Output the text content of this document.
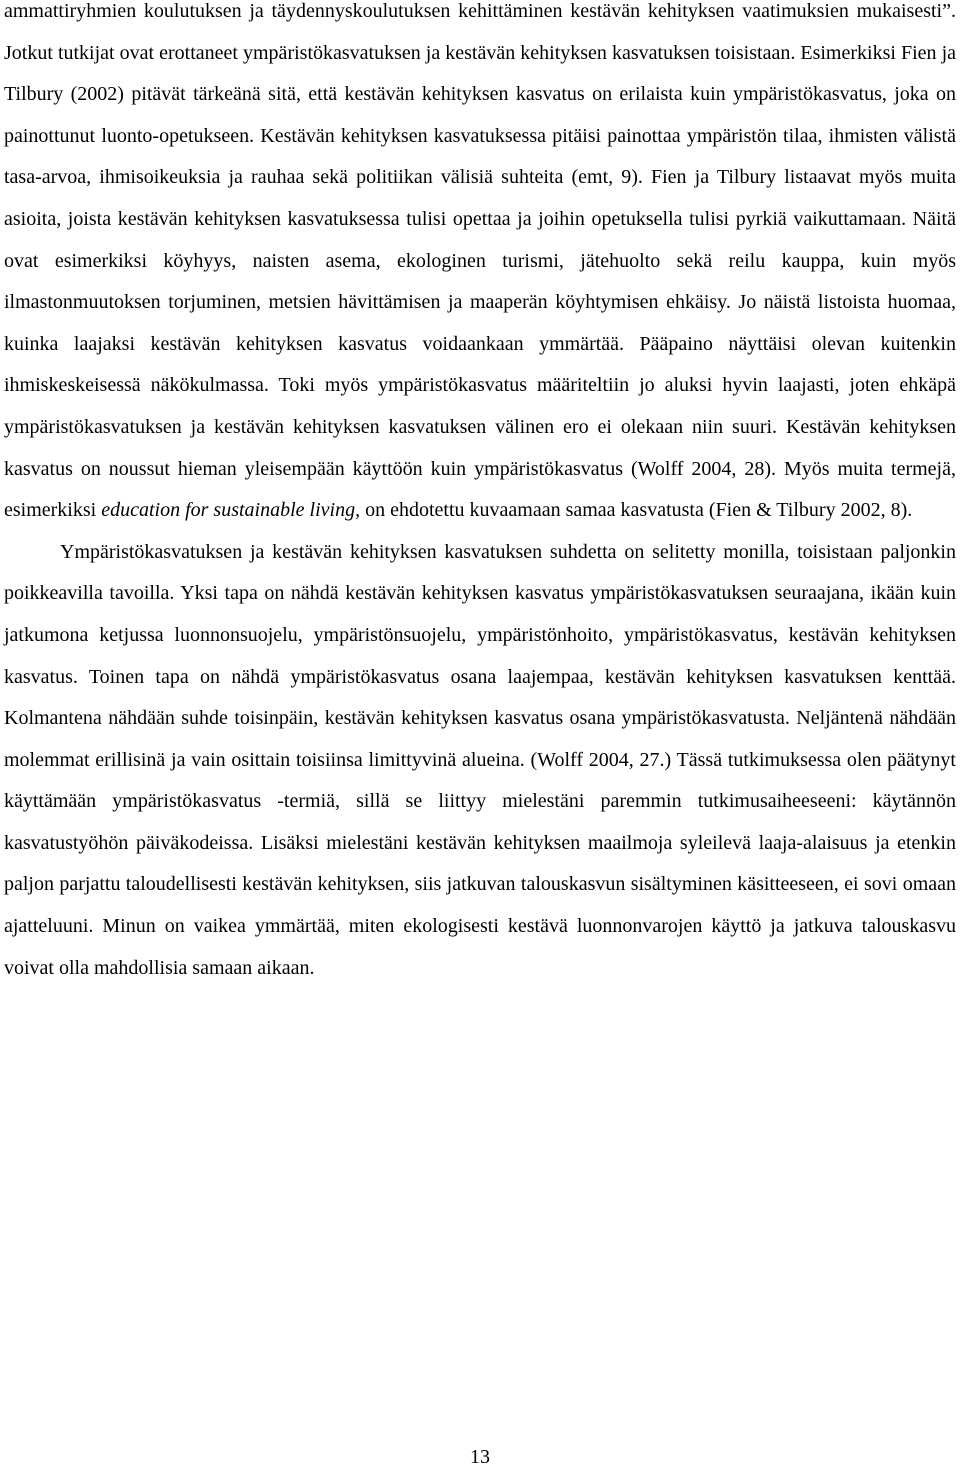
ammattiryhmien koulutuksen ja täydennyskoulutuksen kehittäminen kestävän kehityksen vaatimuksien mukaisesti”. Jotkut tutkijat ovat erottaneet ympäristökasvatuksen ja kestävän kehityksen kasvatuksen toisistaan. Esimerkiksi Fien ja Tilbury (2002) pitävät tärkeänä sitä, että kestävän kehityksen kasvatus on erilaista kuin ympäristökasvatus, joka on painottunut luonto-opetukseen. Kestävän kehityksen kasvatuksessa pitäisi painottaa ympäristön tilaa, ihmisten välistä tasa-arvoa, ihmisoikeuksia ja rauhaa sekä politiikan välisiä suhteita (emt, 9). Fien ja Tilbury listaavat myös muita asioita, joista kestävän kehityksen kasvatuksessa tulisi opettaa ja joihin opetuksella tulisi pyrkiä vaikuttamaan. Näitä ovat esimerkiksi köyhyys, naisten asema, ekologinen turismi, jätehuolto sekä reilu kauppa, kuin myös ilmastonmuutoksen torjuminen, metsien hävittämisen ja maaperän köyhtymisen ehkäisy. Jo näistä listoista huomaa, kuinka laajaksi kestävän kehityksen kasvatus voidaankaan ymmärtää. Pääpaino näyttäisi olevan kuitenkin ihmiskeskeisessä näkökulmassa. Toki myös ympäristökasvatus määriteltiin jo aluksi hyvin laajasti, joten ehkäpä ympäristökasvatuksen ja kestävän kehityksen kasvatuksen välinen ero ei olekaan niin suuri. Kestävän kehityksen kasvatus on noussut hieman yleisempään käyttöön kuin ympäristökasvatus (Wolff 2004, 28). Myös muita termejä, esimerkiksi education for sustainable living, on ehdotettu kuvaamaan samaa kasvatusta (Fien & Tilbury 2002, 8).

Ympäristökasvatuksen ja kestävän kehityksen kasvatuksen suhdetta on selitetty monilla, toisistaan paljonkin poikkeavilla tavoilla. Yksi tapa on nähdä kestävän kehityksen kasvatus ympäristökasvatuksen seuraajana, ikään kuin jatkumona ketjussa luonnonsuojelu, ympäristönsuojelu, ympäristönhoito, ympäristökasvatus, kestävän kehityksen kasvatus. Toinen tapa on nähdä ympäristökasvatus osana laajempaa, kestävän kehityksen kasvatuksen kenttää. Kolmantena nähdään suhde toisinpäin, kestävän kehityksen kasvatus osana ympäristökasvatusta. Neljäntenä nähdään molemmat erillisinä ja vain osittain toisiinsa limittyvinä alueina. (Wolff 2004, 27.) Tässä tutkimuksessa olen päätynyt käyttämään ympäristökasvatus -termiä, sillä se liittyy mielestäni paremmin tutkimusaiheeseeni: käytännön kasvatustyöhön päiväkodeissa. Lisäksi mielestäni kestävän kehityksen maailmoja syleilevä laaja-alaisuus ja etenkin paljon parjattu taloudellisesti kestävän kehityksen, siis jatkuvan talouskasvun sisältyminen käsitteeseen, ei sovi omaan ajatteluuni. Minun on vaikea ymmärtää, miten ekologisesti kestävä luonnonvarojen käyttö ja jatkuva talouskasvu voivat olla mahdollisia samaan aikaan.

13
